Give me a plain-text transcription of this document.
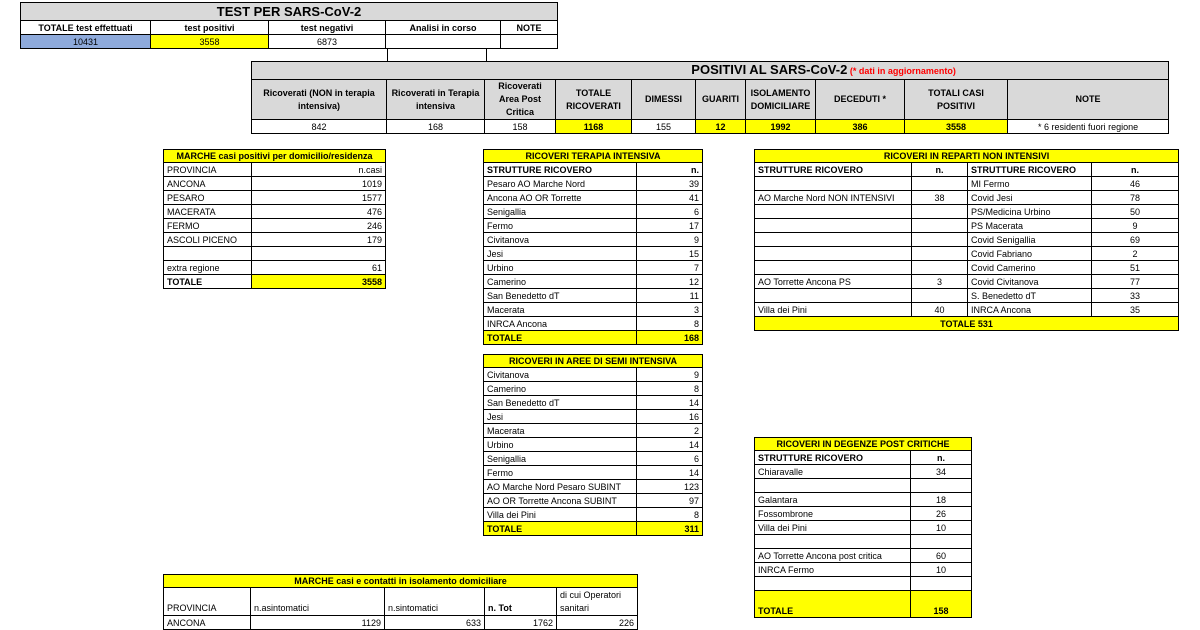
TEST PER SARS-CoV-2				
TOTALE test effettuati	test positivi	test negativi	Analisi in corso	NOTE
10431	3558	6873		
POSITIVI AL SARS-CoV-2 (* dati in aggiornamento)									
Ricoverati (NON in terapia intensiva)	Ricoverati in Terapia intensiva	Ricoverati Area Post Critica	TOTALE RICOVERATI	DIMESSI	GUARITI	ISOLAMENTO DOMICILIARE	DECEDUTI *	TOTALI CASI POSITIVI	NOTE
842	168	158	1168	155	12	1992	386	3558	* 6 residenti fuori regione
MARCHE casi positivi per domicilio/residenza	
PROVINCIA	n.casi
ANCONA	1019
PESARO	1577
MACERATA	476
FERMO	246
ASCOLI PICENO	179

extra regione	61
TOTALE	3558
RICOVERI TERAPIA INTENSIVA	
STRUTTURE RICOVERO	n.
Pesaro AO Marche Nord	39
Ancona AO OR Torrette	41
Senigallia	6
Fermo	17
Civitanova	9
Jesi	15
Urbino	7
Camerino	12
San Benedetto dT	11
Macerata	3
INRCA Ancona	8
TOTALE	168
RICOVERI IN AREE DI SEMI INTENSIVA	
Civitanova	9
Camerino	8
San Benedetto dT	14
Jesi	16
Macerata	2
Urbino	14
Senigallia	6
Fermo	14
AO Marche Nord Pesaro SUBINT	123
AO OR Torrette Ancona SUBINT	97
Villa dei Pini	8
TOTALE	311
RICOVERI IN REPARTI NON INTENSIVI			
STRUTTURE RICOVERO	n.	STRUTTURE RICOVERO	n.
		MI Fermo	46
AO Marche Nord NON INTENSIVI	38	Covid Jesi	78
		PS/Medicina Urbino	50
		PS Macerata	9
		Covid Senigallia	69
		Covid Fabriano	2
		Covid Camerino	51
AO Torrette Ancona PS	3	Covid Civitanova	77
		S. Benedetto dT	33
Villa dei Pini	40	INRCA Ancona	35
TOTALE 531			
RICOVERI IN DEGENZE POST CRITICHE	
STRUTTURE RICOVERO	n.
Chiaravalle	34

Galantara	18
Fossombrone	26
Villa dei Pini	10

AO Torrette Ancona post critica	60
INRCA Fermo	10

TOTALE	158
MARCHE casi e contatti in isolamento domiciliare				
PROVINCIA	n.asintomatici	n.sintomatici	n. Tot	di cui Operatori sanitari
ANCONA	1129	633	1762	226
